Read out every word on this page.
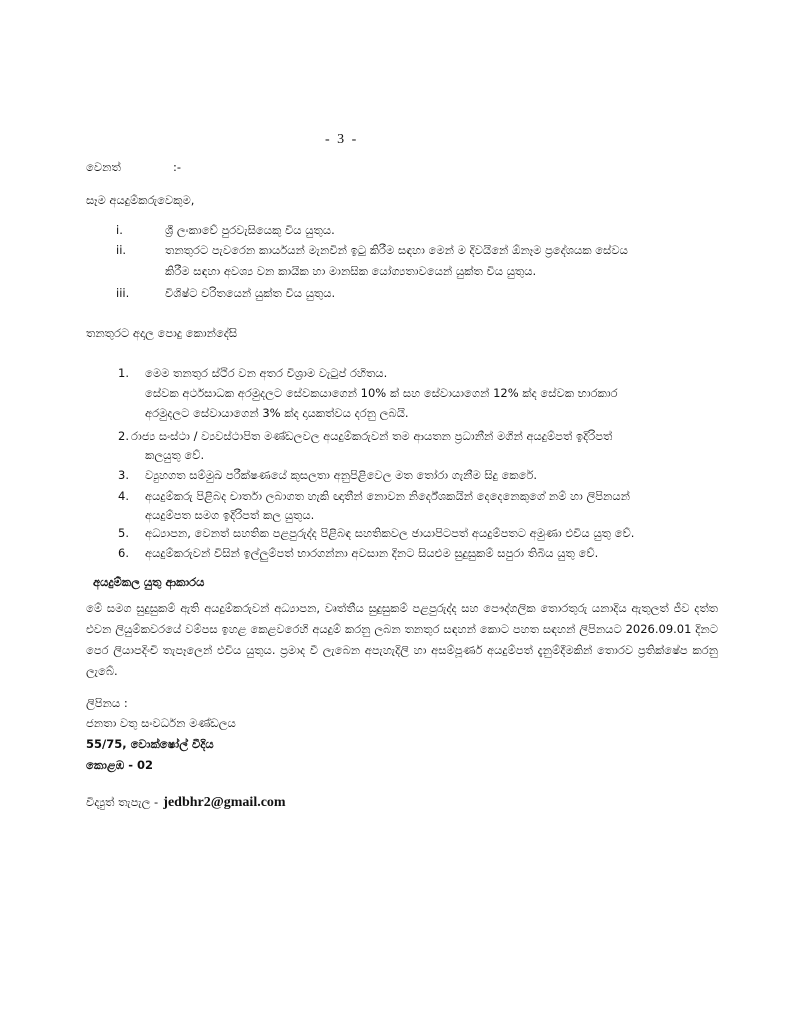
- 3 -
වෙනත්	:-
සෑම අයදුම්කරුවෙකුම,
i.	ශ්‍රී ලංකාවේ පුරවැසියෙකු විය යුතුය.
ii.	තනතුරට පැවරෙන කාර්යයන් මැනවින් ඉටු කිරීම සඳහා මෙන් ම දිවයිනේ ඕනෑම ප්‍රදේශයක සේවය
කිරීම සඳහා අවශ්‍ය වන කායික හා මානසික යෝග්‍යතාවයෙන් යුක්ත විය යුතුය.
iii.	විශිෂ්ට චරිතයෙන් යුක්ත විය යුතුය.
තනතුරට අදාල පොදු කොන්දේසි
1. මෙම තනතුර ස්ථිර වන අතර විශ්‍රාම වැටුප් රහිතය.
සේවක අර්ථසාධක අරමුදලට සේවකයාගෙන් 10% ක් සහ සේවායාගෙන් 12% ක්ද සේවක භාරකාර
අරමුදලට සේවායාගෙන් 3% ක්ද දායකත්වය දරනු ලබයි.
2. රාජ්‍ය සංස්ථා / ව්‍යවස්ථාපිත මණ්ඩලවල අයදුම්කරුවන් තම ආයතන ප්‍රධානීන් මගින් අයදුම්පත් ඉදිරිපත්
කලයුතු වේ.
3. ව්‍යුහගත සම්මුඛ පරීක්ෂණයේ කුසලතා අනුපිළිවෙල මත තෝරා ගැනීම සිදු කෙරේ.
4. අයදුම්කරු පිළිබද චාර්තා ලබාගත හැකි ඥාතීන් නොවන නිර්දේශකයින් දෙදෙනෙකුගේ නම් හා ලිපිනයන්
අයදුම්පත සමග ඉදිරිපත් කල යුතුය.
5. අධ්‍යාපන, වෙනත් සහතික පළපුරුද්ද පිළිබඳ සහතිකවල ඡායාපිටපත් අයදුම්පතට අමුණා එවිය යුතු වේ.
6. අයදුම්කරුවන් විසින් ඉල්ලුම්පත් භාරගන්නා අවසාන දිනට සියළුම සුදුසුකම් සපුරා තිබිය යුතු වේ.
අයදුම්කල යුතු ආකාරය
මේ සමග සුදුසුකම් ඇති අයදුම්කරුවන් අධ්‍යාපන, වෘත්තීය සුදුසුකම් පළපුරුද්ද සහ පෞද්ගලික තොරතුරු යනාදිය ඇතුලත් ජීව දත්ත එවන ලියුම්කවරයේ වම්පස ඉහළ කෙළවරෙහි අයදුම් කරනු ලබන තනතුර සඳහන් කොට පහත සඳහන් ලිපිනයට 2026.09.01 දිනට පෙර ලියාපදිංචි තැපෑලෙන් එවිය යුතුය. ප්‍රමාද වී ලැබෙන අපැහැදිලි හා අසම්පූර්ණ අයදුම්පත් දැනුම්දීමකින් තොරව ප්‍රතික්ෂේප කරනු ලැබේ.
ලිපිනය :
ජනතා වතු සංවර්ධන මණ්ඩලය
55/75, වොක්ෂෝල් වීදිය
කොළඹ - 02
විද්‍යුත් තැපැල - jedbhr2@gmail.com
